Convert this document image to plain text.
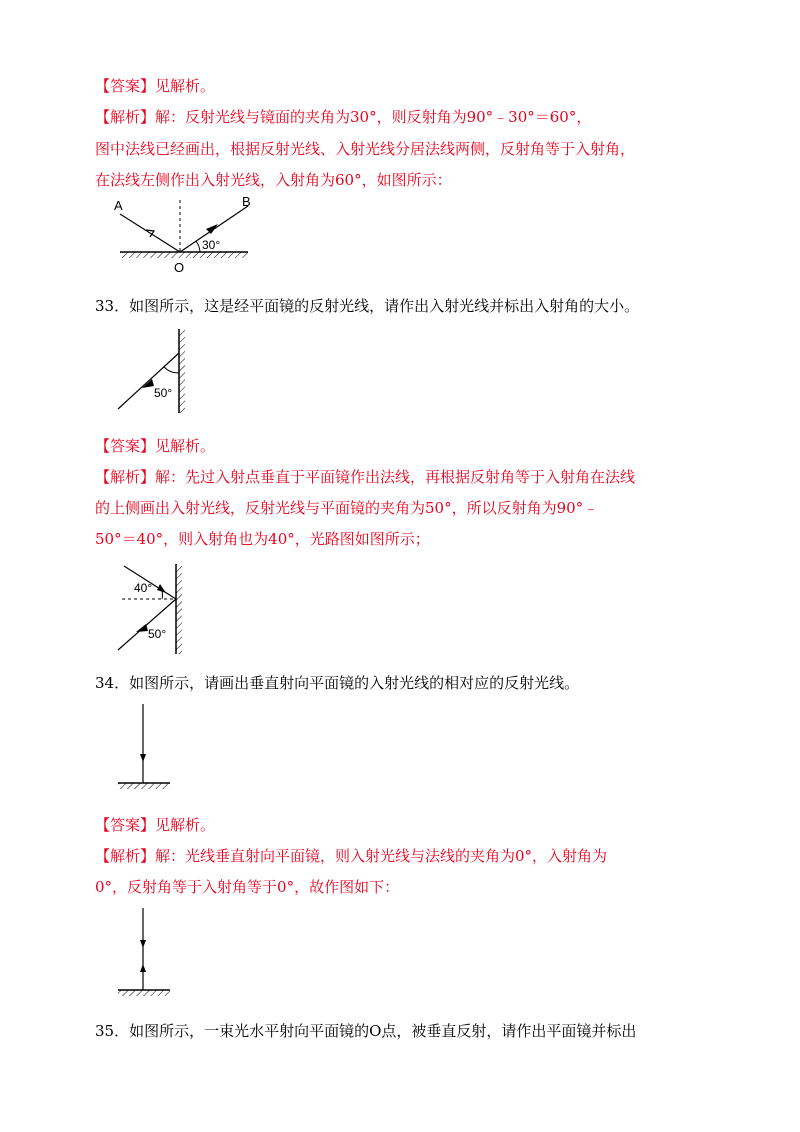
【答案】见解析。
【解析】解：反射光线与镜面的夹角为30°，则反射角为90°﹣30°＝60°，
图中法线已经画出，根据反射光线、入射光线分居法线两侧，反射角等于入射角，
在法线左侧作出入射光线，入射角为60°，如图所示：
A	B
O
30°
33．如图所示，这是经平面镜的反射光线，请作出入射光线并标出入射角的大小。
50°
【答案】见解析。
【解析】解：先过入射点垂直于平面镜作出法线，再根据反射角等于入射角在法线
的上侧画出入射光线，反射光线与平面镜的夹角为50°，所以反射角为90°﹣
50°＝40°，则入射角也为40°，光路图如图所示；
40°
50°
34．如图所示，请画出垂直射向平面镜的入射光线的相对应的反射光线。
【答案】见解析。
【解析】解：光线垂直射向平面镜，则入射光线与法线的夹角为0°，入射角为
0°，反射角等于入射角等于0°，故作图如下：
35．如图所示，一束光水平射向平面镜的O点，被垂直反射，请作出平面镜并标出
